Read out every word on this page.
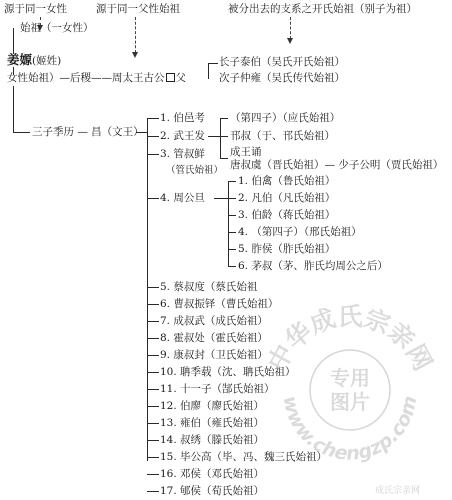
源于同一女性	源于同一父性始祖	被分出去的支系之开氏始祖（别子为祖）
始祖（一女性）
姜嫄(姬姓)
女性始祖）—后稷——周太王古公 父
长子泰伯（吴氏开氏始祖）
次子仲雍（吴氏传代始祖）
三子季历 — 昌（文王）
1. 伯邑考
2. 武王发
3. 管叔鲜
（管氏始祖）
4. 周公旦
（第四子）（应氏始祖）
邗叔（于、邗氏始祖）
成王诵
唐叔虞（晋氏始祖）— 少子公明（贾氏始祖）
1. 伯禽（鲁氏始祖）
2. 凡伯（凡氏始祖）
3. 伯龄（蒋氏始祖）
4. （第四子）（邢氏始祖）
5. 胙侯（胙氏始祖）
6. 茅叔（茅、胙氏均周公之后）
5. 蔡叔度（蔡氏始祖
6. 曹叔振铎（曹氏始祖）
7. 成叔武（成氏始祖）
8. 霍叔处（霍氏始祖）
9. 康叔封（卫氏始祖）
10. 聃季载（沈、聃氏始祖）
11. 十一子（郜氏始祖）
12. 伯廖（廖氏始祖）
13. 雍伯（雍氏始祖）
14. 叔绣（滕氏始祖）
15. 毕公高（毕、冯、魏三氏始祖）
16. 邓侯（邓氏始祖）
17. 郇侯（荀氏始祖）
中华成氏宗亲网
www.chengzp.com
专用
图片
成氏宗亲网
